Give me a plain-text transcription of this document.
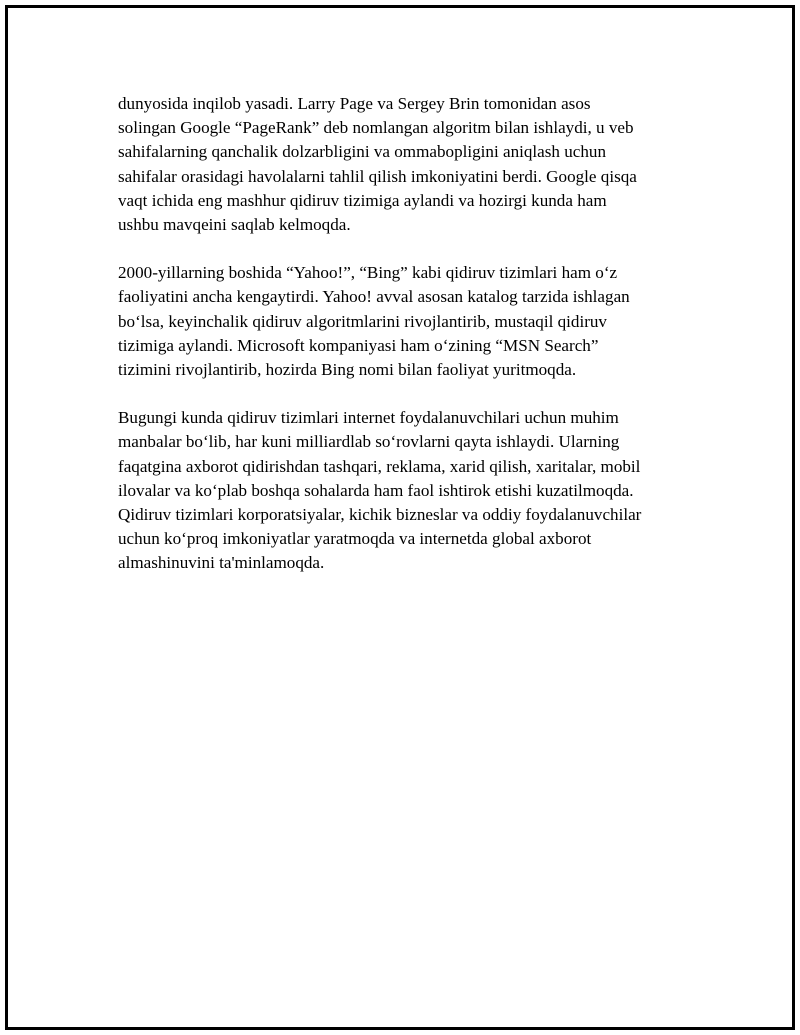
dunyosida inqilob yasadi. Larry Page va Sergey Brin tomonidan asos
solingan Google “PageRank” deb nomlangan algoritm bilan ishlaydi, u veb
sahifalarning qanchalik dolzarbligini va ommabopligini aniqlash uchun
sahifalar orasidagi havolalarni tahlil qilish imkoniyatini berdi. Google qisqa
vaqt ichida eng mashhur qidiruv tizimiga aylandi va hozirgi kunda ham
ushbu mavqeini saqlab kelmoqda.

2000-yillarning boshida “Yahoo!”, “Bing” kabi qidiruv tizimlari ham o‘z
faoliyatini ancha kengaytirdi. Yahoo! avval asosan katalog tarzida ishlagan
bo‘lsa, keyinchalik qidiruv algoritmlarini rivojlantirib, mustaqil qidiruv
tizimiga aylandi. Microsoft kompaniyasi ham o‘zining “MSN Search”
tizimini rivojlantirib, hozirda Bing nomi bilan faoliyat yuritmoqda.

Bugungi kunda qidiruv tizimlari internet foydalanuvchilari uchun muhim
manbalar bo‘lib, har kuni milliardlab so‘rovlarni qayta ishlaydi. Ularning
faqatgina axborot qidirishdan tashqari, reklama, xarid qilish, xaritalar, mobil
ilovalar va ko‘plab boshqa sohalarda ham faol ishtirok etishi kuzatilmoqda.
Qidiruv tizimlari korporatsiyalar, kichik bizneslar va oddiy foydalanuvchilar
uchun ko‘proq imkoniyatlar yaratmoqda va internetda global axborot
almashinuvini ta'minlamoqda.
